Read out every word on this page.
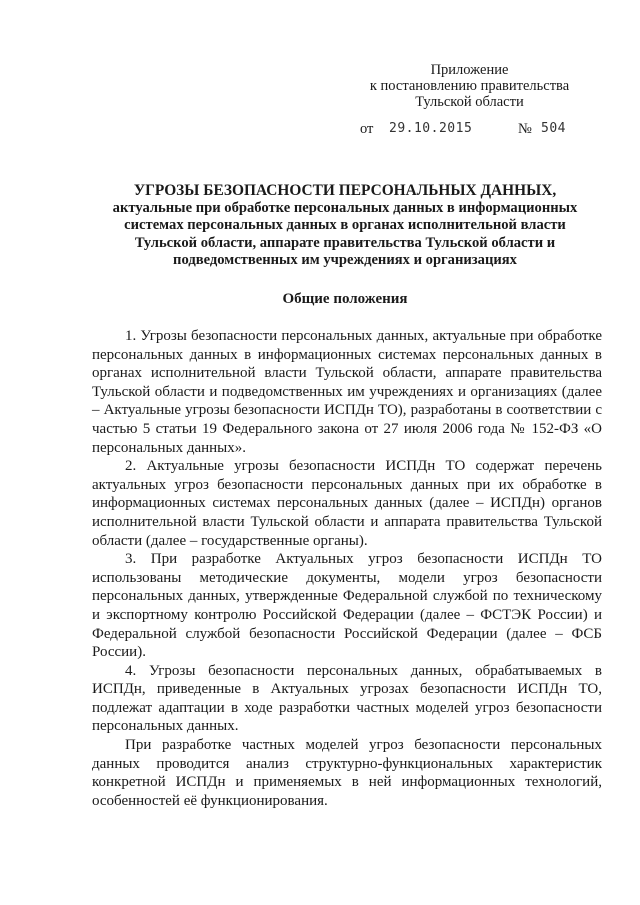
Приложение
к постановлению правительства
Тульской области
от 29.10.2015	№ 504
УГРОЗЫ БЕЗОПАСНОСТИ ПЕРСОНАЛЬНЫХ ДАННЫХ,
актуальные при обработке персональных данных в информационных
системах персональных данных в органах исполнительной власти
Тульской области, аппарате правительства Тульской области и
подведомственных им учреждениях и организациях
Общие положения

1. Угрозы безопасности персональных данных, актуальные при обработке персональных данных в информационных системах персональных данных в органах исполнительной власти Тульской области, аппарате правительства Тульской области и подведомственных им учреждениях и организациях (далее – Актуальные угрозы безопасности ИСПДн ТО), разработаны в соответствии с частью 5 статьи 19 Федерального закона от 27 июля 2006 года № 152-ФЗ «О персональных данных».

2. Актуальные угрозы безопасности ИСПДн ТО содержат перечень актуальных угроз безопасности персональных данных при их обработке в информационных системах персональных данных (далее – ИСПДн) органов исполнительной власти Тульской области и аппарата правительства Тульской области (далее – государственные органы).

3. При разработке Актуальных угроз безопасности ИСПДн ТО использованы методические документы, модели угроз безопасности персональных данных, утвержденные Федеральной службой по техническому и экспортному контролю Российской Федерации (далее – ФСТЭК России) и Федеральной службой безопасности Российской Федерации (далее – ФСБ России).

4. Угрозы безопасности персональных данных, обрабатываемых в ИСПДн, приведенные в Актуальных угрозах безопасности ИСПДн ТО, подлежат адаптации в ходе разработки частных моделей угроз безопасности персональных данных.

При разработке частных моделей угроз безопасности персональных данных проводится анализ структурно-функциональных характеристик конкретной ИСПДн и применяемых в ней информационных технологий, особенностей её функционирования.
